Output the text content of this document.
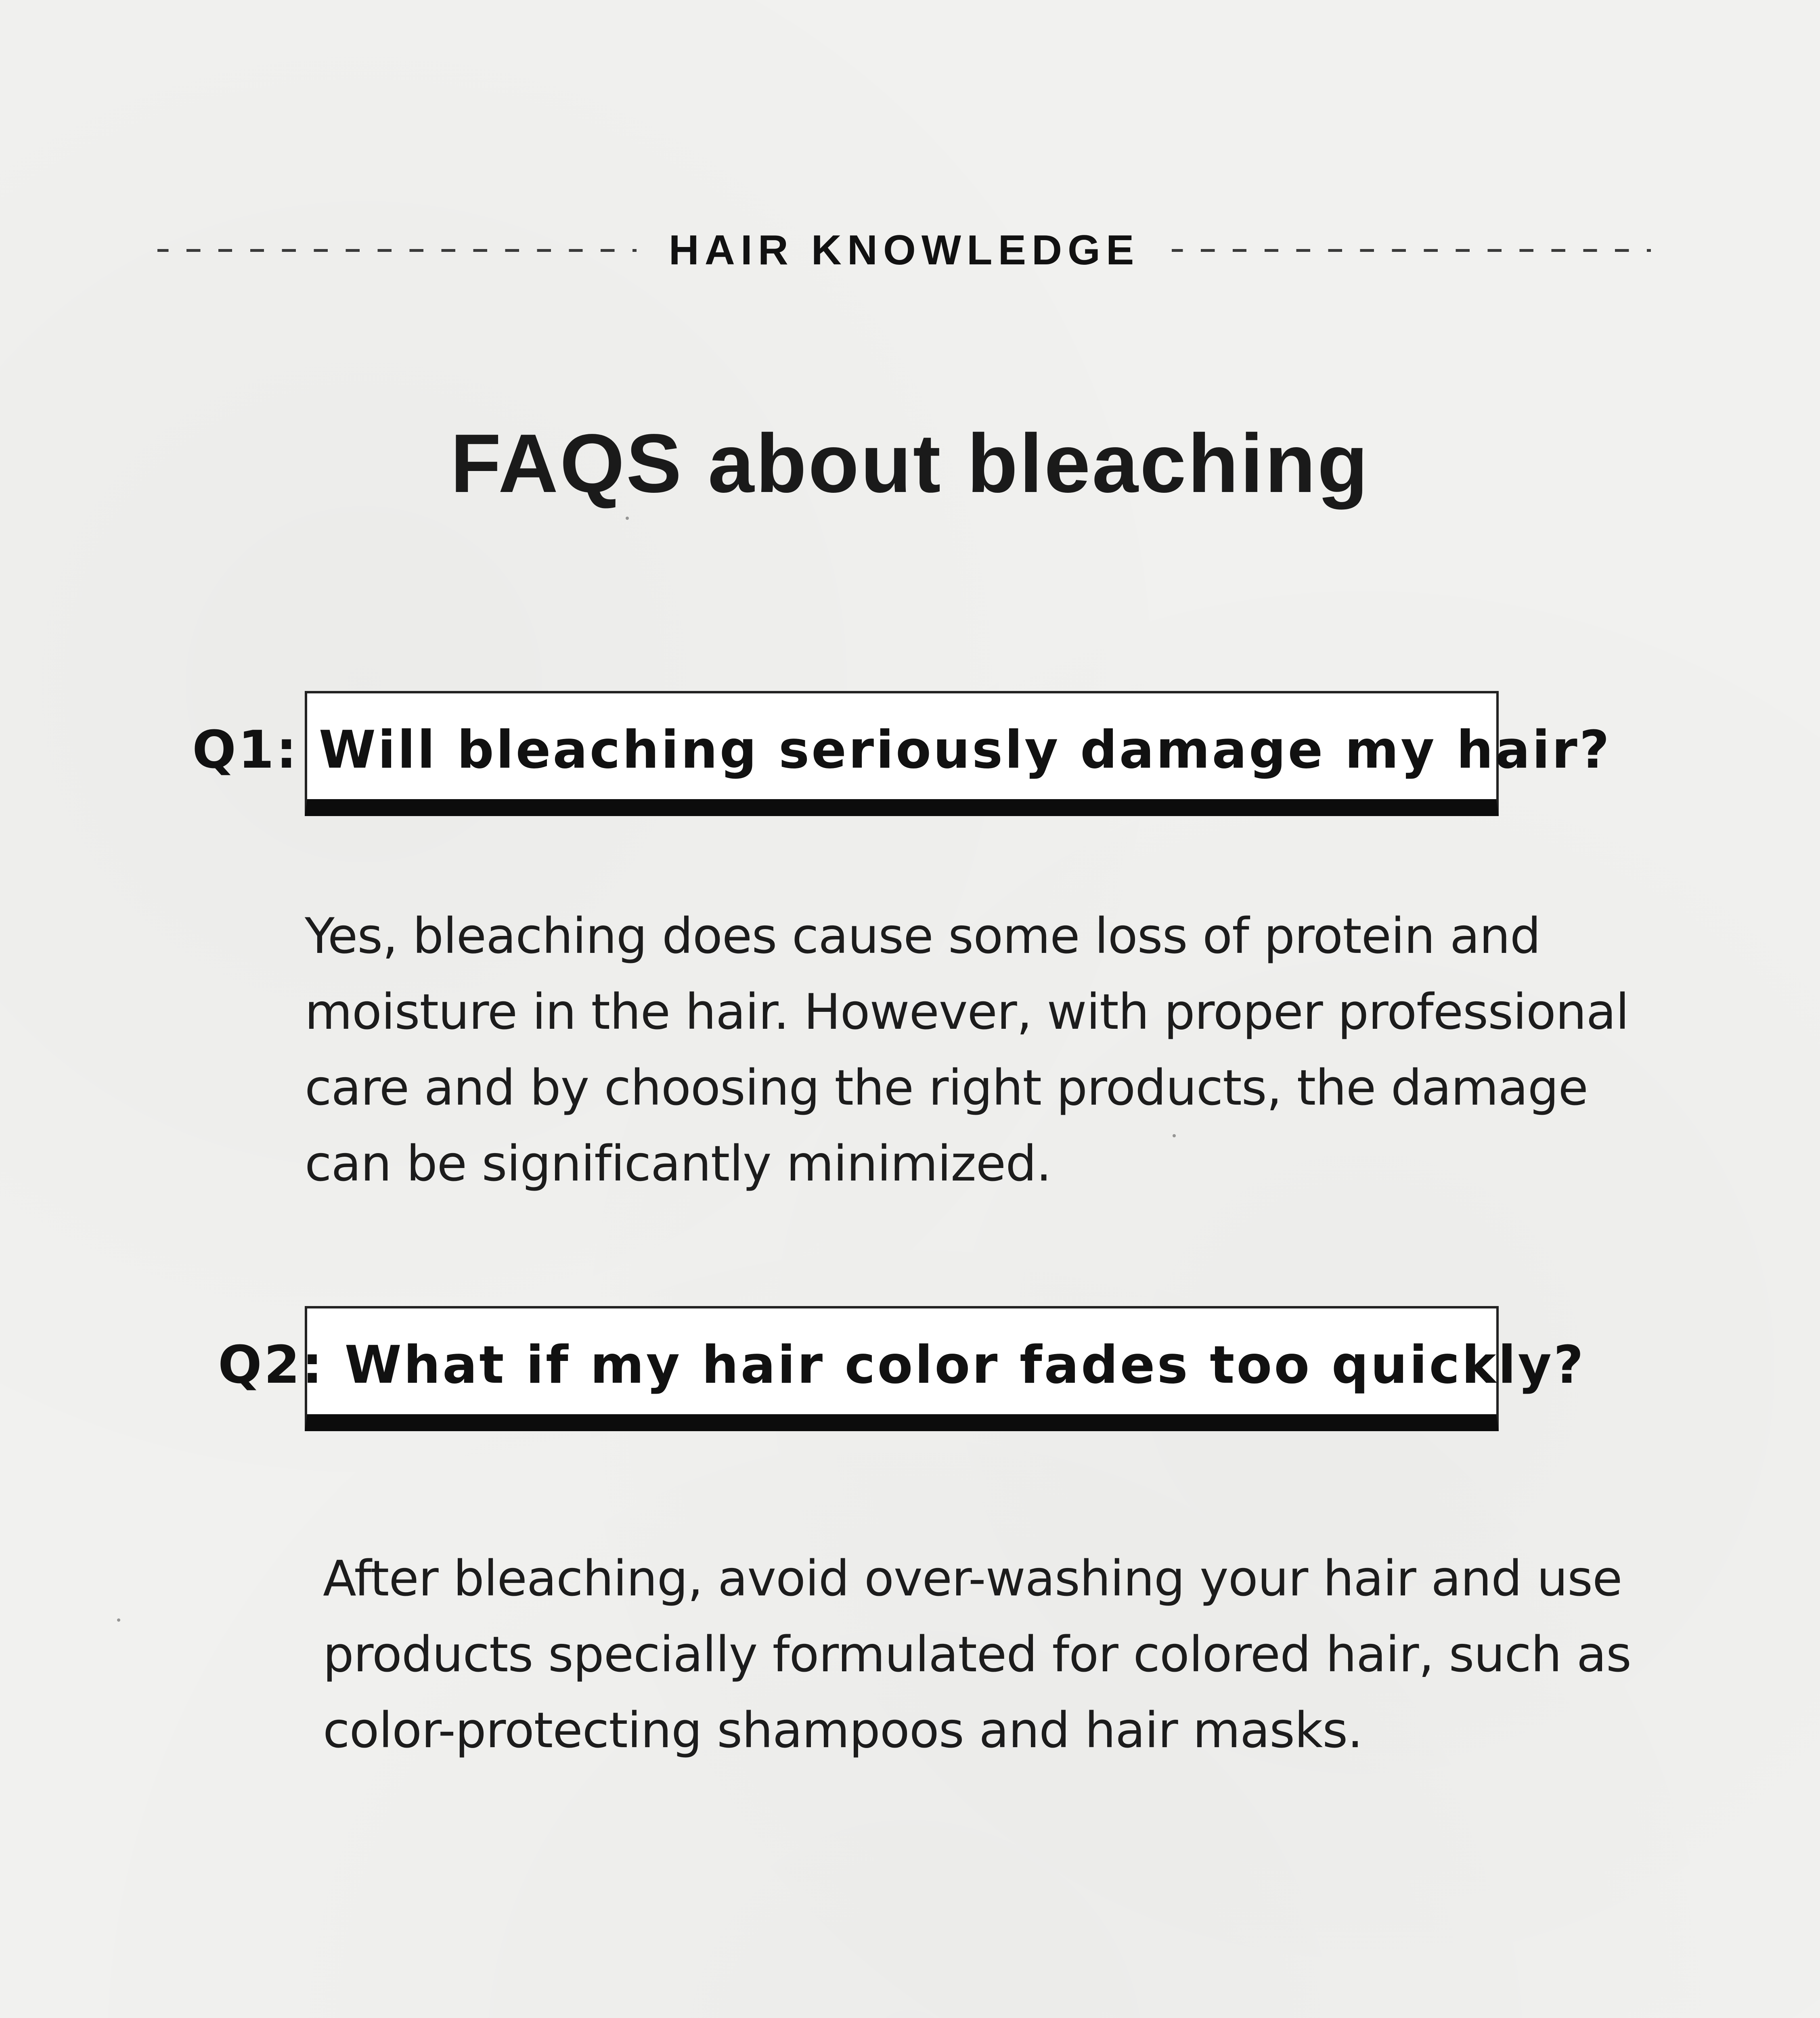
HAIR KNOWLEDGE
FAQS about bleaching
Q1: Will bleaching seriously damage my hair?

Yes, bleaching does cause some loss of protein and
moisture in the hair. However, with proper professional
care and by choosing the right products, the damage
can be significantly minimized.

Q2: What if my hair color fades too quickly?

After bleaching, avoid over-washing your hair and use
products specially formulated for colored hair, such as
color-protecting shampoos and hair masks.
